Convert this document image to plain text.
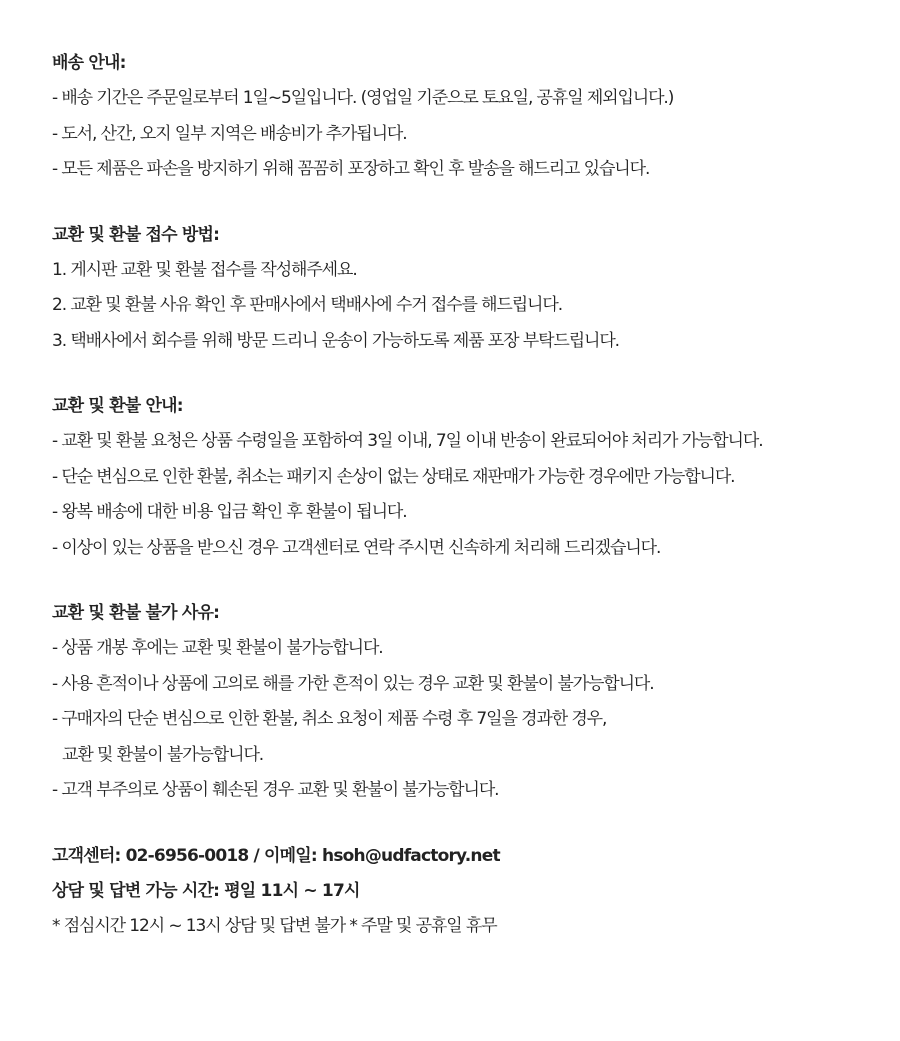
배송 안내:
- 배송 기간은 주문일로부터 1일~5일입니다. (영업일 기준으로 토요일, 공휴일 제외입니다.)
- 도서, 산간, 오지 일부 지역은 배송비가 추가됩니다.
- 모든 제품은 파손을 방지하기 위해 꼼꼼히 포장하고 확인 후 발송을 해드리고 있습니다.
교환 및 환불 접수 방법:
1. 게시판 교환 및 환불 접수를 작성해주세요.
2. 교환 및 환불 사유 확인 후 판매사에서 택배사에 수거 접수를 해드립니다.
3. 택배사에서 회수를 위해 방문 드리니 운송이 가능하도록 제품 포장 부탁드립니다.
교환 및 환불 안내:
- 교환 및 환불 요청은 상품 수령일을 포함하여 3일 이내, 7일 이내 반송이 완료되어야 처리가 가능합니다.
- 단순 변심으로 인한 환불, 취소는 패키지 손상이 없는 상태로 재판매가 가능한 경우에만 가능합니다.
- 왕복 배송에 대한 비용 입금 확인 후 환불이 됩니다.
- 이상이 있는 상품을 받으신 경우 고객센터로 연락 주시면 신속하게 처리해 드리겠습니다.
교환 및 환불 불가 사유:
- 상품 개봉 후에는 교환 및 환불이 불가능합니다.
- 사용 흔적이나 상품에 고의로 해를 가한 흔적이 있는 경우 교환 및 환불이 불가능합니다.
- 구매자의 단순 변심으로 인한 환불, 취소 요청이 제품 수령 후 7일을 경과한 경우,
교환 및 환불이 불가능합니다.
- 고객 부주의로 상품이 훼손된 경우 교환 및 환불이 불가능합니다.
고객센터: 02-6956-0018 / 이메일: hsoh@udfactory.net
상담 및 답변 가능 시간: 평일 11시 ~ 17시
* 점심시간 12시 ~ 13시 상담 및 답변 불가 * 주말 및 공휴일 휴무
